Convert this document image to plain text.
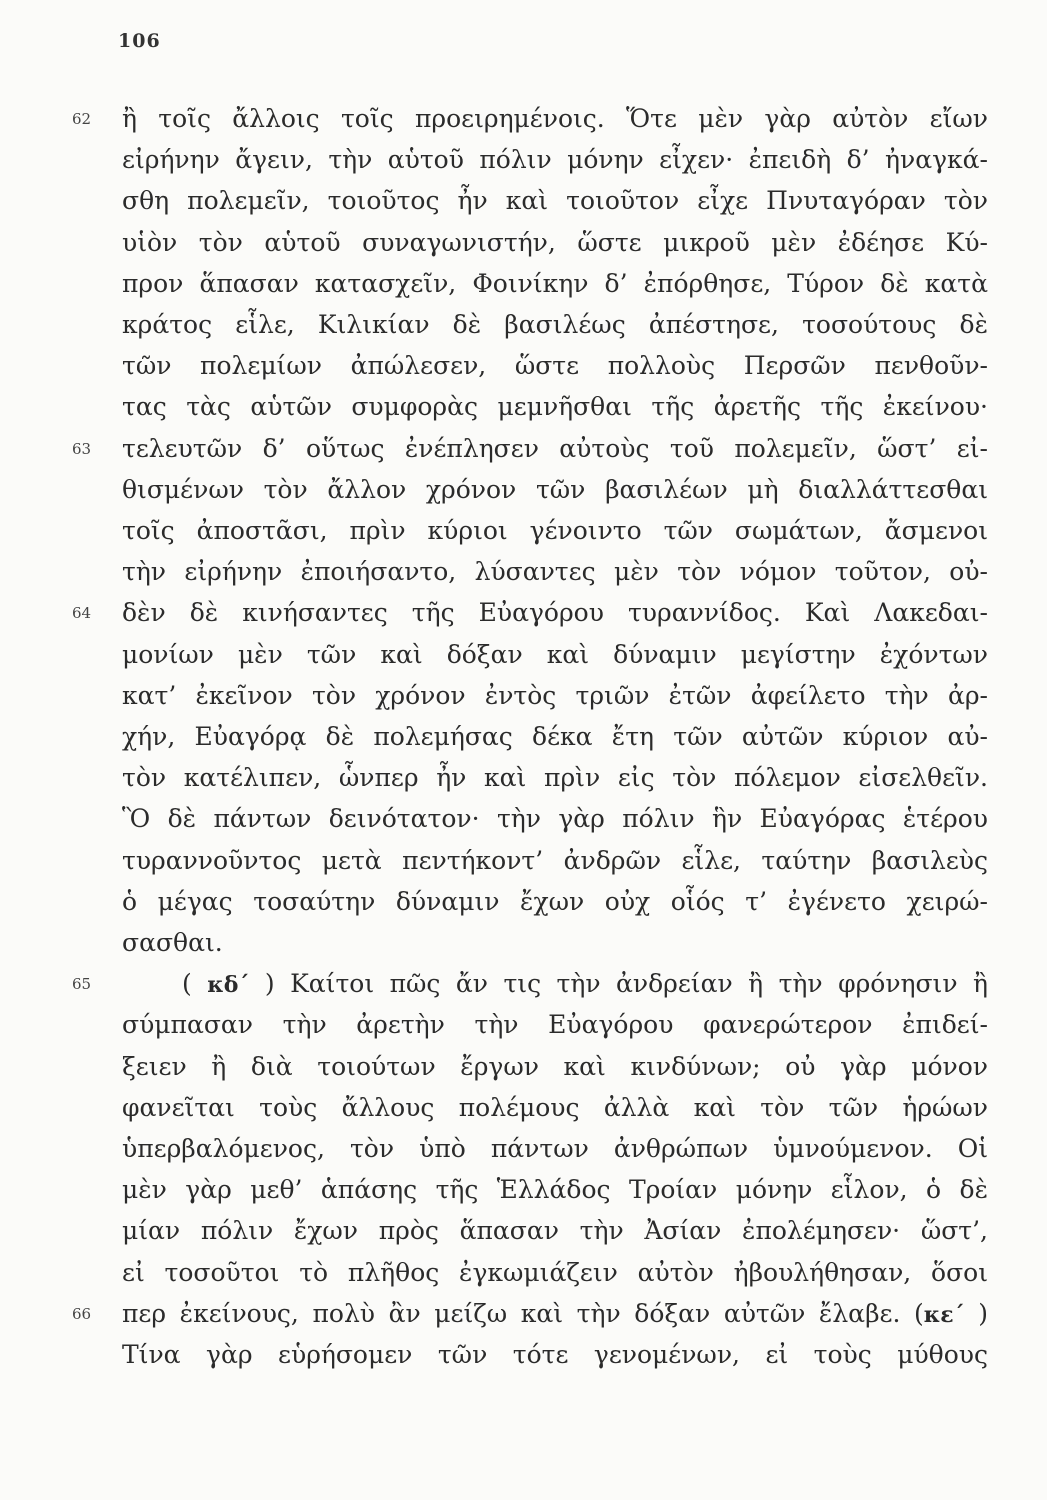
106
62	ἢ τοῖς ἄλλοις τοῖς προειρημένοις. Ὅτε μὲν γὰρ αὐτὸν εἴων
εἰρήνην ἄγειν, τὴν αὑτοῦ πόλιν μόνην εἶχεν· ἐπειδὴ δ’ ἠναγκά-
σθη πολεμεῖν, τοιοῦτος ἦν καὶ τοιοῦτον εἶχε Πνυταγόραν τὸν
υἱὸν τὸν αὑτοῦ συναγωνιστήν, ὥστε μικροῦ μὲν ἐδέησε Κύ-
προν ἅπασαν κατασχεῖν, Φοινίκην δ’ ἐπόρθησε, Τύρον δὲ κατὰ
κράτος εἷλε, Κιλικίαν δὲ βασιλέως ἀπέστησε, τοσούτους δὲ
τῶν πολεμίων ἀπώλεσεν, ὥστε πολλοὺς Περσῶν πενθοῦν-
τας τὰς αὑτῶν συμφορὰς μεμνῆσθαι τῆς ἀρετῆς τῆς ἐκείνου·
63	τελευτῶν δ’ οὕτως ἐνέπλησεν αὐτοὺς τοῦ πολεμεῖν, ὥστ’ εἰ-
θισμένων τὸν ἄλλον χρόνον τῶν βασιλέων μὴ διαλλάττεσθαι
τοῖς ἀποστᾶσι, πρὶν κύριοι γένοιντο τῶν σωμάτων, ἄσμενοι
τὴν εἰρήνην ἐποιήσαντο, λύσαντες μὲν τὸν νόμον τοῦτον, οὐ-
64	δὲν δὲ κινήσαντες τῆς Εὐαγόρου τυραννίδος. Καὶ Λακεδαι-
μονίων μὲν τῶν καὶ δόξαν καὶ δύναμιν μεγίστην ἐχόντων
κατ’ ἐκεῖνον τὸν χρόνον ἐντὸς τριῶν ἐτῶν ἀφείλετο τὴν ἀρ-
χήν, Εὐαγόρᾳ δὲ πολεμήσας δέκα ἔτη τῶν αὐτῶν κύριον αὐ-
τὸν κατέλιπεν, ὧνπερ ἦν καὶ πρὶν εἰς τὸν πόλεμον εἰσελθεῖν.
Ὃ δὲ πάντων δεινότατον· τὴν γὰρ πόλιν ἣν Εὐαγόρας ἑτέρου
τυραννοῦντος μετὰ πεντήκοντ’ ἀνδρῶν εἷλε, ταύτην βασιλεὺς
ὁ μέγας τοσαύτην δύναμιν ἔχων οὐχ οἷός τ’ ἐγένετο χειρώ-
σασθαι.
65	( κδ΄ ) Καίτοι πῶς ἄν τις τὴν ἀνδρείαν ἢ τὴν φρόνησιν ἢ
σύμπασαν τὴν ἀρετὴν τὴν Εὐαγόρου φανερώτερον ἐπιδεί-
ξειεν ἢ διὰ τοιούτων ἔργων καὶ κινδύνων; οὐ γὰρ μόνον
φανεῖται τοὺς ἄλλους πολέμους ἀλλὰ καὶ τὸν τῶν ἡρώων
ὑπερβαλόμενος, τὸν ὑπὸ πάντων ἀνθρώπων ὑμνούμενον. Οἱ
μὲν γὰρ μεθ’ ἁπάσης τῆς Ἑλλάδος Τροίαν μόνην εἷλον, ὁ δὲ
μίαν πόλιν ἔχων πρὸς ἅπασαν τὴν Ἀσίαν ἐπολέμησεν· ὥστ’,
εἰ τοσοῦτοι τὸ πλῆθος ἐγκωμιάζειν αὐτὸν ἠβουλήθησαν, ὅσοι
66	περ ἐκείνους, πολὺ ἂν μείζω καὶ τὴν δόξαν αὐτῶν ἔλαβε. (κε΄ )
Τίνα γὰρ εὑρήσομεν τῶν τότε γενομένων, εἰ τοὺς μύθους
